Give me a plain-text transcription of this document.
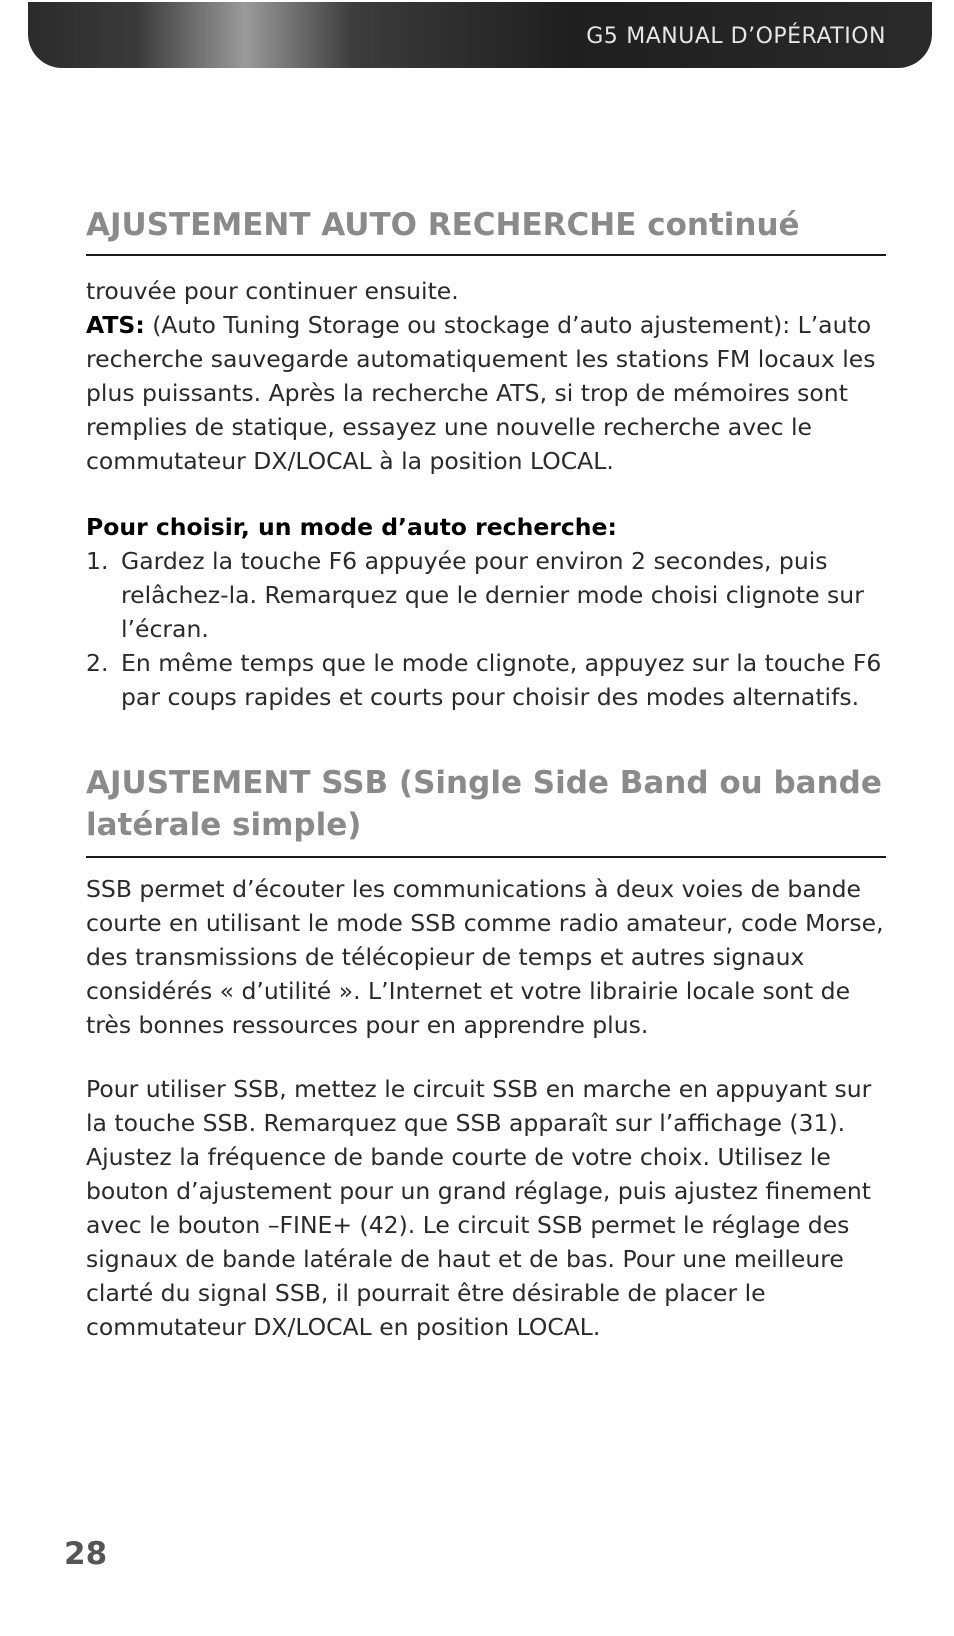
G5 MANUAL D’OPÉRATION
AJUSTEMENT AUTO RECHERCHE continué

trouvée pour continuer ensuite.

ATS: (Auto Tuning Storage ou stockage d’auto ajustement): L’auto recherche sauvegarde automatiquement les stations FM locaux les plus puissants. Après la recherche ATS, si trop de mémoires sont remplies de statique, essayez une nouvelle recherche avec le commutateur DX/LOCAL à la position LOCAL.

Pour choisir, un mode d’auto recherche:

1. Gardez la touche F6 appuyée pour environ 2 secondes, puis relâchez-la. Remarquez que le dernier mode choisi clignote sur l’écran.
2. En même temps que le mode clignote, appuyez sur la touche F6 par coups rapides et courts pour choisir des modes alternatifs.
AJUSTEMENT SSB (Single Side Band ou bande latérale simple)

SSB permet d’écouter les communications à deux voies de bande courte en utilisant le mode SSB comme radio amateur, code Morse, des transmissions de télécopieur de temps et autres signaux considérés « d’utilité ». L’Internet et votre librairie locale sont de très bonnes ressources pour en apprendre plus.

Pour utiliser SSB, mettez le circuit SSB en marche en appuyant sur la touche SSB. Remarquez que SSB apparaît sur l’affichage (31). Ajustez la fréquence de bande courte de votre choix. Utilisez le bouton d’ajustement pour un grand réglage, puis ajustez finement avec le bouton –FINE+ (42). Le circuit SSB permet le réglage des signaux de bande latérale de haut et de bas. Pour une meilleure clarté du signal SSB, il pourrait être désirable de placer le commutateur DX/LOCAL en position LOCAL.

28
